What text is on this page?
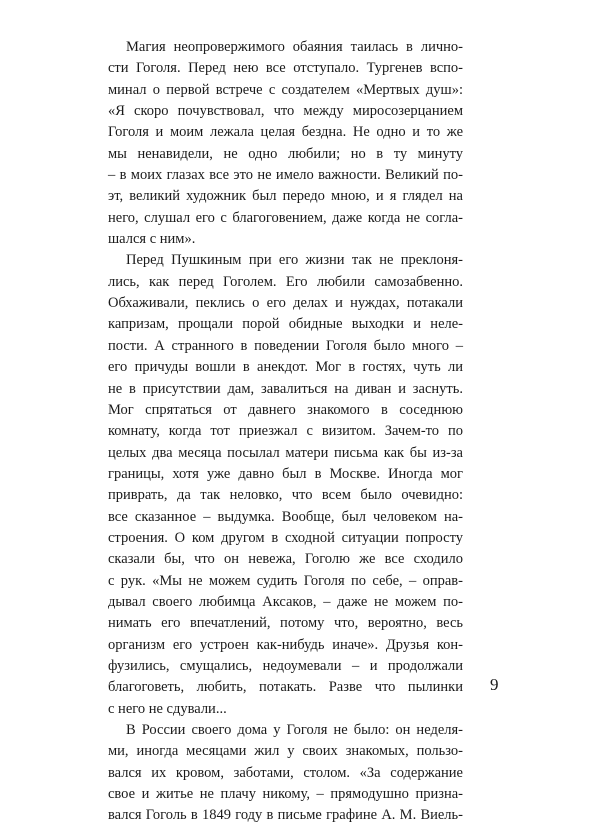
Магия неопровержимого обаяния таилась в лично-
сти Гоголя. Перед нею все отступало. Тургенев вспо-
минал о первой встрече с создателем «Мертвых душ»:
«Я скоро почувствовал, что между миросозерцанием
Гоголя и моим лежала целая бездна. Не одно и то же
мы ненавидели, не одно любили; но в ту минуту
– в моих глазах все это не имело важности. Великий по-
эт, великий художник был передо мною, и я глядел на
него, слушал его с благоговением, даже когда не согла-
шался с ним».
Перед Пушкиным при его жизни так не преклоня-
лись, как перед Гоголем. Его любили самозабвенно.
Обхаживали, пеклись о его делах и нуждах, потакали
капризам, прощали порой обидные выходки и неле-
пости. А странного в поведении Гоголя было много –
его причуды вошли в анекдот. Мог в гостях, чуть ли
не в присутствии дам, завалиться на диван и заснуть.
Мог спрятаться от давнего знакомого в соседнюю
комнату, когда тот приезжал с визитом. Зачем-то по
целых два месяца посылал матери письма как бы из-за
границы, хотя уже давно был в Москве. Иногда мог
приврать, да так неловко, что всем было очевидно:
все сказанное – выдумка. Вообще, был человеком на-
строения. О ком другом в сходной ситуации попросту
сказали бы, что он невежа, Гоголю же все сходило
с рук. «Мы не можем судить Гоголя по себе, – оправ-
дывал своего любимца Аксаков, – даже не можем по-
нимать его впечатлений, потому что, вероятно, весь
организм его устроен как-нибудь иначе». Друзья кон-
фузились, смущались, недоумевали – и продолжали
благоговеть, любить, потакать. Разве что пылинки
с него не сдували...
В России своего дома у Гоголя не было: он неделя-
ми, иногда месяцами жил у своих знакомых, пользо-
вался их кровом, заботами, столом. «За содержание
свое и житье не плачу никому, – прямодушно призна-
вался Гоголь в 1849 году в письме графине А. М. Виель-
9
